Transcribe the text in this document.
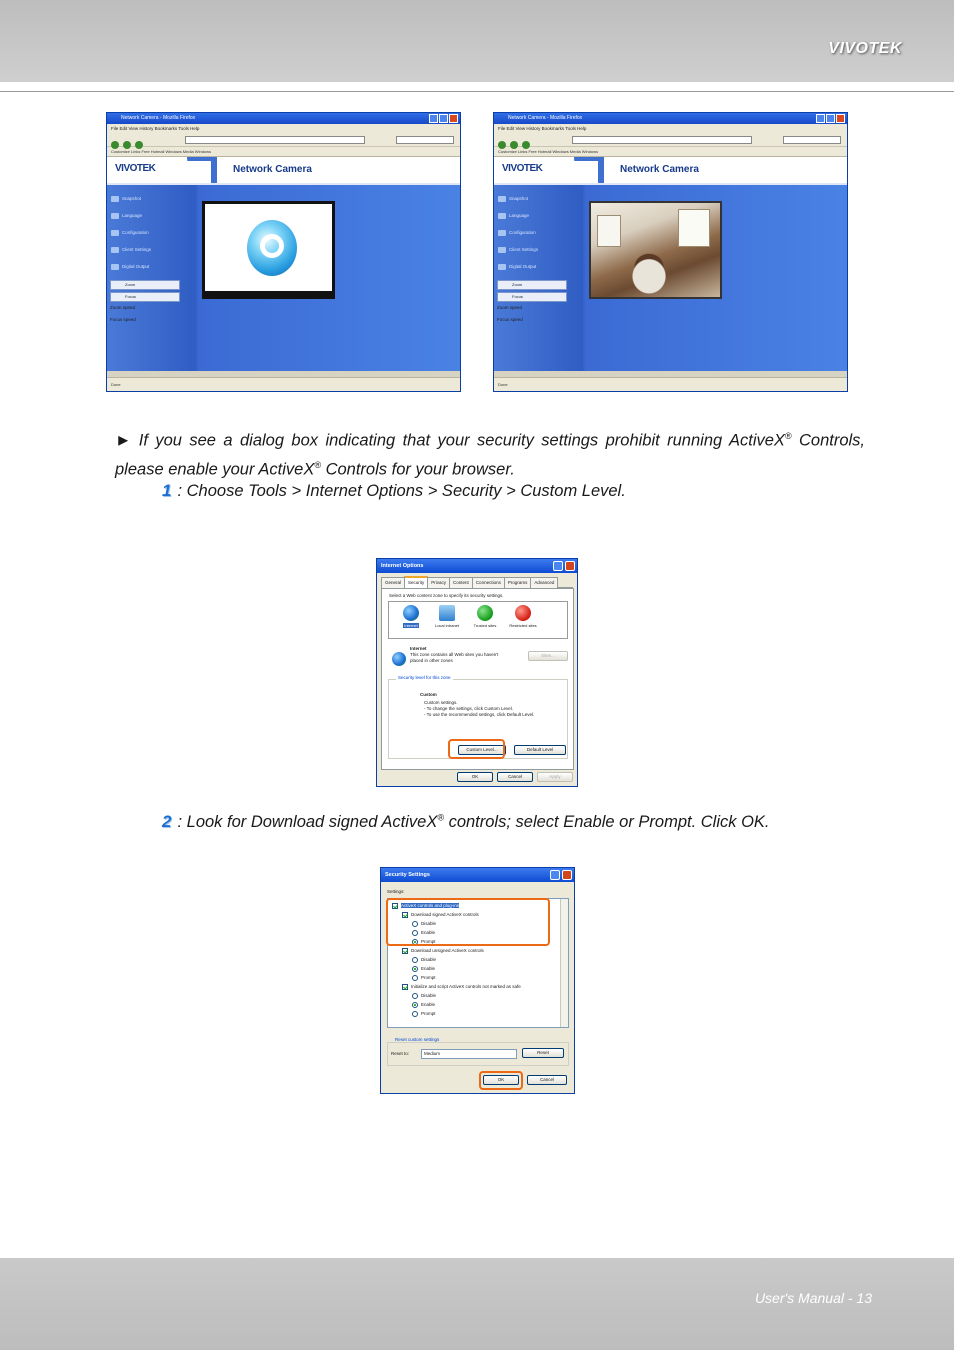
VIVOTEK
Network Camera - Mozilla Firefox
File Edit View History Bookmarks Tools Help
Customize Links Free Hotmail Windows Media Windows
VIVOTEK	Network Camera
Snapshot
Language
Configuration
Client Settings
Digital Output
Zoom
Focus
Zoom speed
Focus speed
Done
Network Camera - Mozilla Firefox
File Edit View History Bookmarks Tools Help
Customize Links Free Hotmail Windows Media Windows
VIVOTEK	Network Camera
Snapshot
Language
Configuration
Client Settings
Digital Output
Zoom
Focus
Zoom speed
Focus speed
Done

► If you see a dialog box indicating that your security settings prohibit running ActiveX® Controls, please enable your ActiveX® Controls for your browser.

1 : Choose Tools > Internet Options > Security > Custom Level.
Internet Options
General Security Privacy Content Connections Programs Advanced
Select a Web content zone to specify its security settings.
Internet	Local intranet	Trusted sites	Restricted sites
Internet
This zone contains all Web sites you haven't placed in other zones
Sites...
Security level for this zone
Custom
Custom settings.
- To change the settings, click Custom Level.
- To use the recommended settings, click Default Level.
Custom Level...	Default Level
OK	Cancel	Apply
2 : Look for Download signed ActiveX® controls; select Enable or Prompt. Click OK.
Security Settings
Settings:
ActiveX controls and plug-ins
Download signed ActiveX controls
Disable
Enable
Prompt
Download unsigned ActiveX controls
Disable
Enable
Prompt
Initialize and script ActiveX controls not marked as safe
Disable
Enable
Prompt
Reset custom settings
Reset to:	Medium	Reset
OK	Cancel
User's Manual - 13
